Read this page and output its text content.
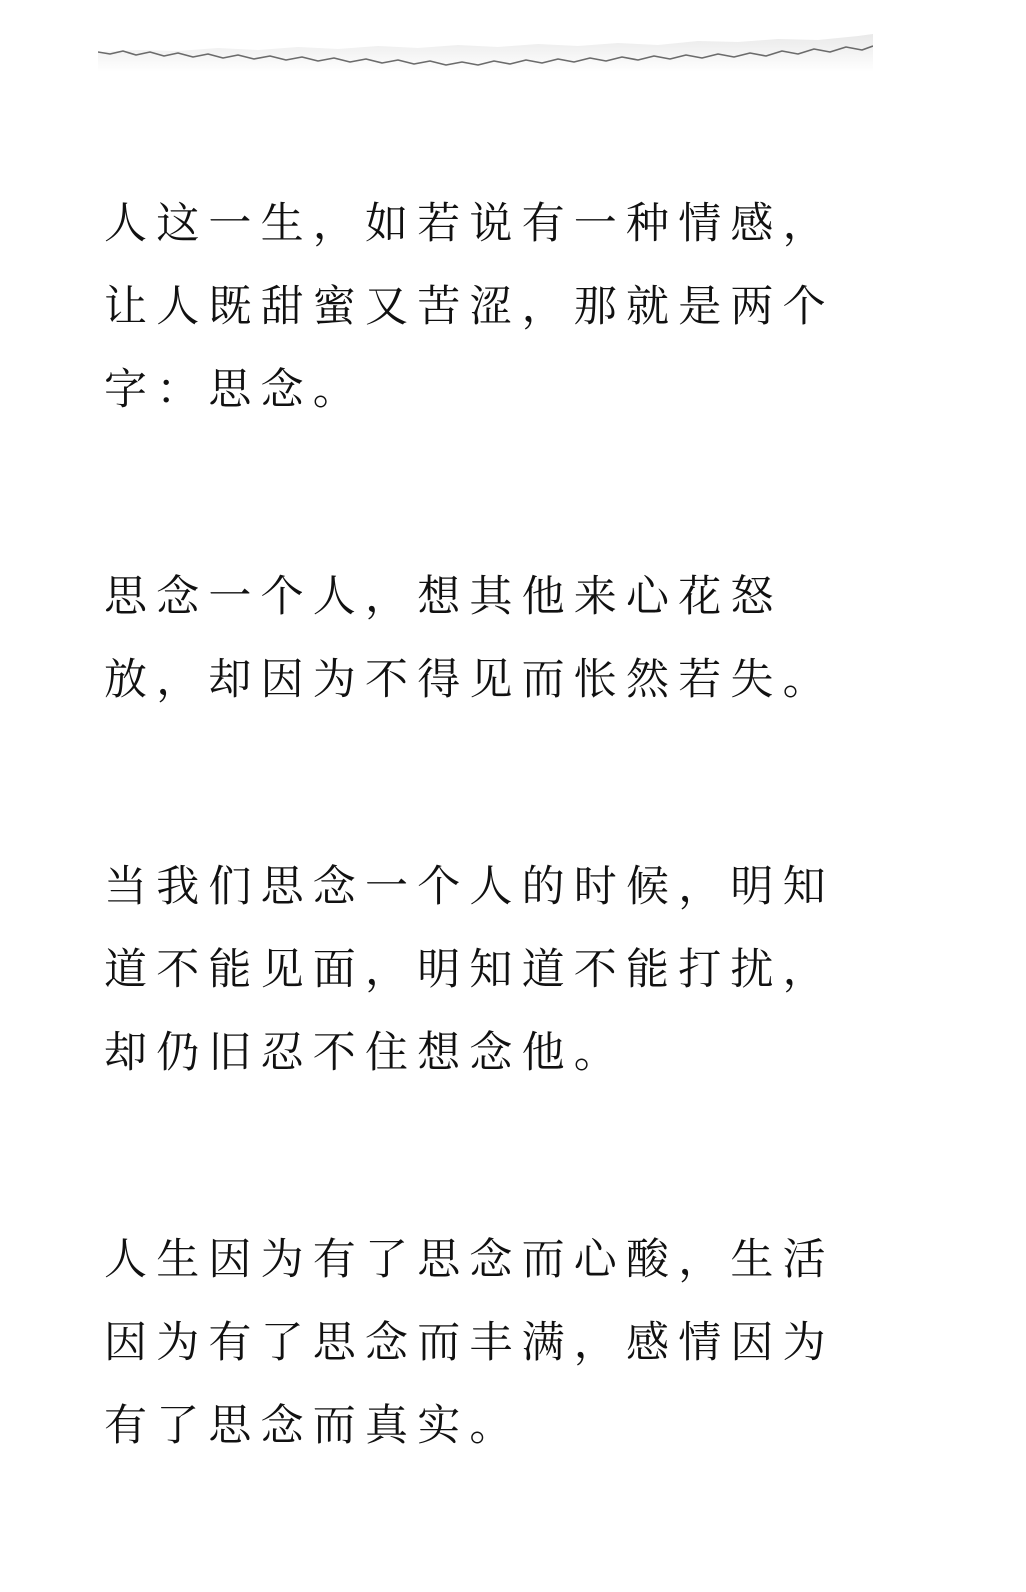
人这一生，如若说有一种情感，
让人既甜蜜又苦涩，那就是两个
字：思念。
思念一个人，想其他来心花怒
放，却因为不得见而怅然若失。
当我们思念一个人的时候，明知
道不能见面，明知道不能打扰，
却仍旧忍不住想念他。
人生因为有了思念而心酸，生活
因为有了思念而丰满，感情因为
有了思念而真实。
